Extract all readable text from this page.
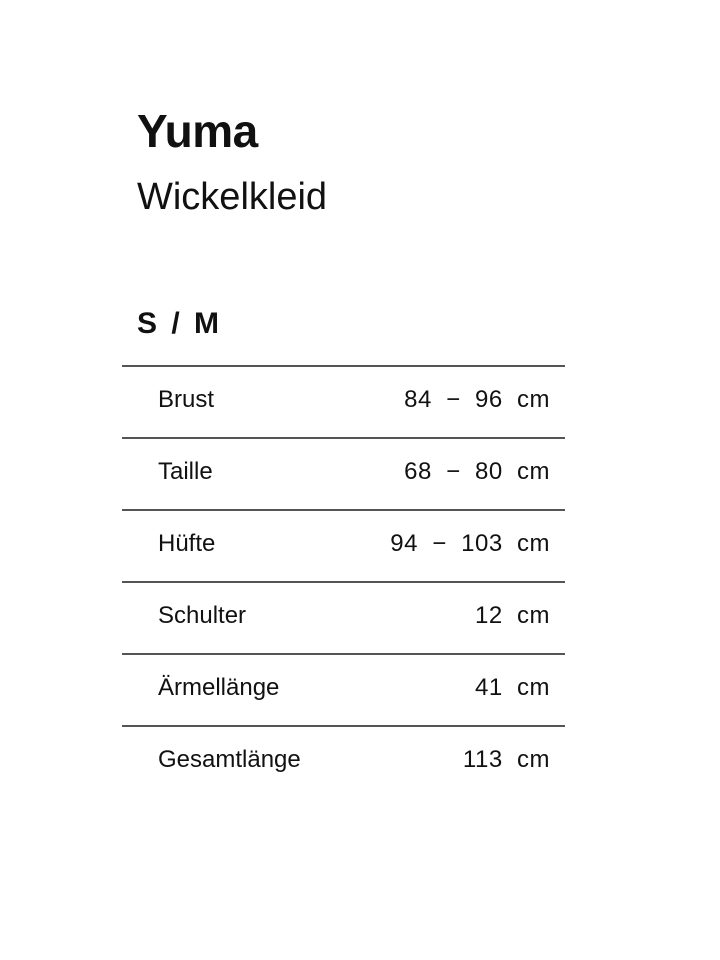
Yuma
Wickelkleid
S / M
Brust	84  −  96  cm
Taille	68  −  80  cm
Hüfte	94  −  103  cm
Schulter	12  cm
Ärmellänge	41  cm
Gesamtlänge	113  cm
